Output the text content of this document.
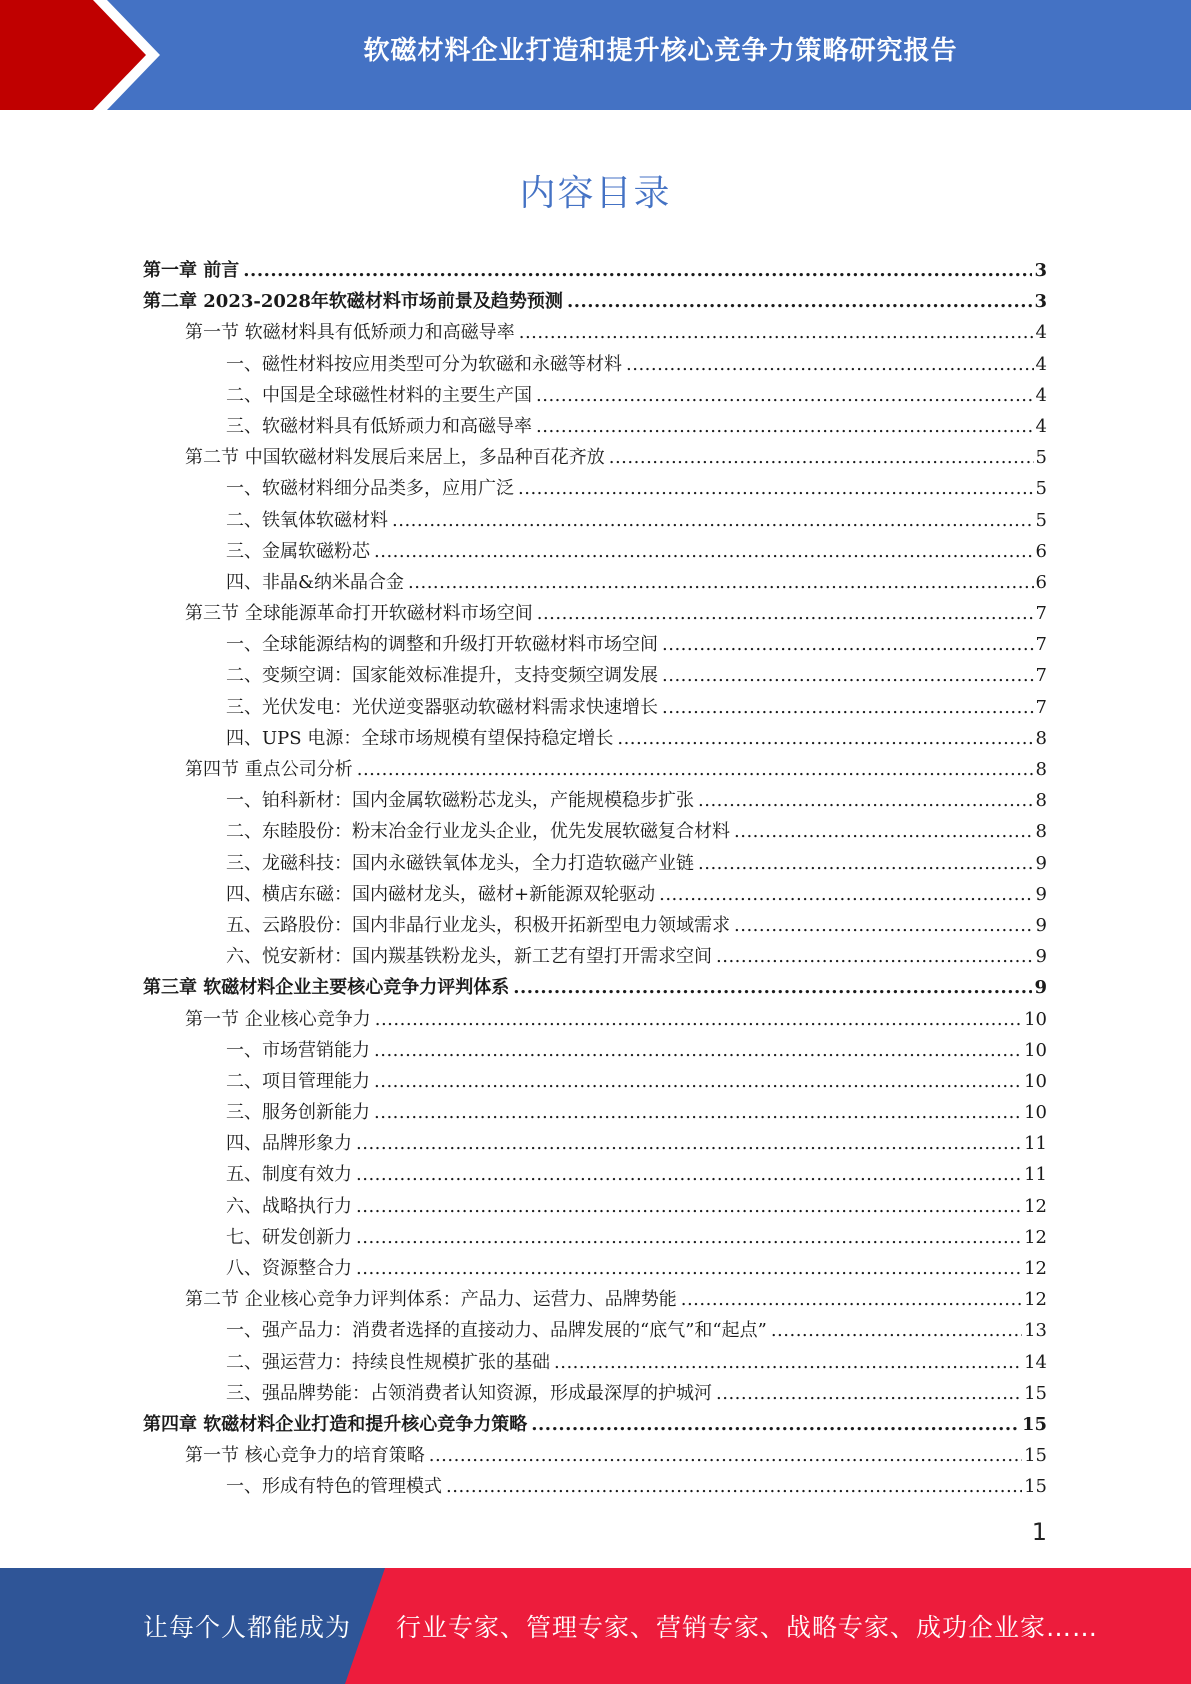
软磁材料企业打造和提升核心竞争力策略研究报告
内容目录
第一章 前言 .....	3
第二章 2023-2028年软磁材料市场前景及趋势预测 .....	3
第一节 软磁材料具有低矫顽力和高磁导率 .....	4
一、磁性材料按应用类型可分为软磁和永磁等材料 .....	4
二、中国是全球磁性材料的主要生产国 .....	4
三、软磁材料具有低矫顽力和高磁导率 .....	4
第二节 中国软磁材料发展后来居上，多品种百花齐放 .....	5
一、软磁材料细分品类多，应用广泛 .....	5
二、铁氧体软磁材料 .....	5
三、金属软磁粉芯 .....	6
四、非晶&纳米晶合金 .....	6
第三节 全球能源革命打开软磁材料市场空间 .....	7
一、全球能源结构的调整和升级打开软磁材料市场空间 .....	7
二、变频空调：国家能效标准提升，支持变频空调发展 .....	7
三、光伏发电：光伏逆变器驱动软磁材料需求快速增长 .....	7
四、UPS 电源：全球市场规模有望保持稳定增长 .....	8
第四节 重点公司分析 .....	8
一、铂科新材：国内金属软磁粉芯龙头，产能规模稳步扩张 .....	8
二、东睦股份：粉末冶金行业龙头企业，优先发展软磁复合材料 .....	8
三、龙磁科技：国内永磁铁氧体龙头，全力打造软磁产业链 .....	9
四、横店东磁：国内磁材龙头，磁材+新能源双轮驱动 .....	9
五、云路股份：国内非晶行业龙头，积极开拓新型电力领域需求 .....	9
六、悦安新材：国内羰基铁粉龙头，新工艺有望打开需求空间 .....	9
第三章 软磁材料企业主要核心竞争力评判体系 .....	9
第一节 企业核心竞争力 .....	10
一、市场营销能力 .....	10
二、项目管理能力 .....	10
三、服务创新能力 .....	10
四、品牌形象力 .....	11
五、制度有效力 .....	11
六、战略执行力 .....	12
七、研发创新力 .....	12
八、资源整合力 .....	12
第二节 企业核心竞争力评判体系：产品力、运营力、品牌势能 .....	12
一、强产品力：消费者选择的直接动力、品牌发展的“底气”和“起点” .....	13
二、强运营力：持续良性规模扩张的基础 .....	14
三、强品牌势能：占领消费者认知资源，形成最深厚的护城河 .....	15
第四章 软磁材料企业打造和提升核心竞争力策略 .....	15
第一节 核心竞争力的培育策略 .....	15
一、形成有特色的管理模式 .....	15
1
让每个人都能成为 行业专家、管理专家、营销专家、战略专家、成功企业家……
